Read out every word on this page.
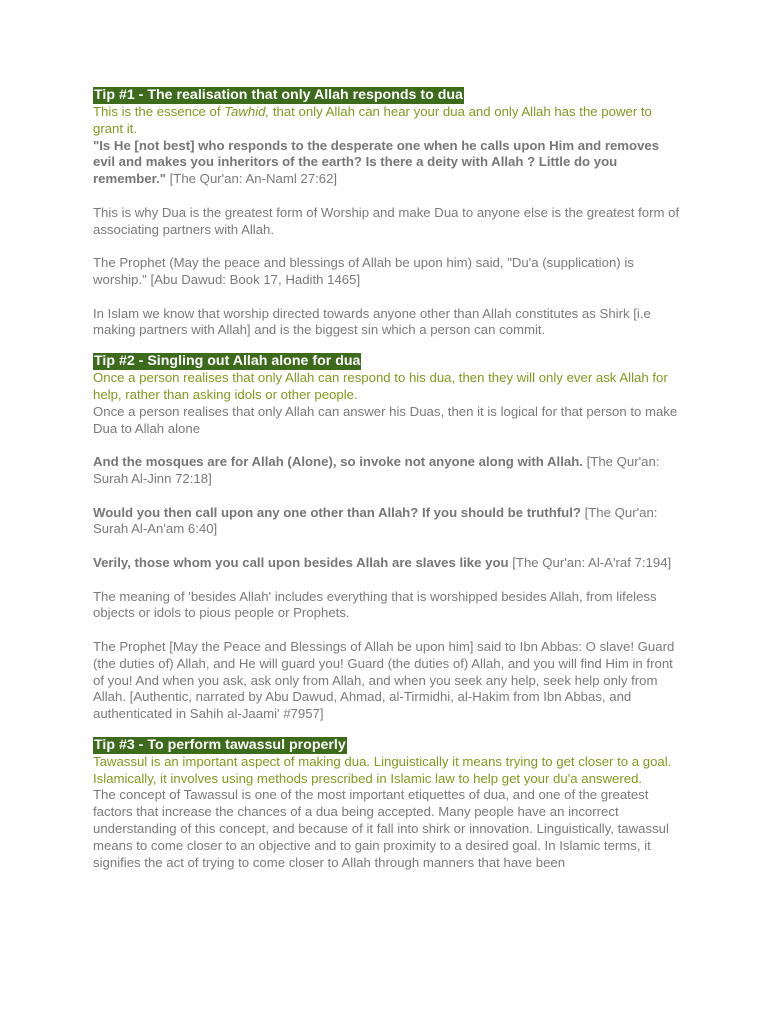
Tip #1 - The realisation that only Allah responds to dua

This is the essence of Tawhid, that only Allah can hear your dua and only Allah has the power to grant it.

"Is He [not best] who responds to the desperate one when he calls upon Him and removes evil and makes you inheritors of the earth? Is there a deity with Allah ? Little do you remember." [The Qur'an: An-Naml 27:62]

This is why Dua is the greatest form of Worship and make Dua to anyone else is the greatest form of associating partners with Allah.

The Prophet (May the peace and blessings of Allah be upon him) said, "Du'a (supplication) is worship." [Abu Dawud: Book 17, Hadith 1465]

In Islam we know that worship directed towards anyone other than Allah constitutes as Shirk [i.e making partners with Allah] and is the biggest sin which a person can commit.

Tip #2 - Singling out Allah alone for dua

Once a person realises that only Allah can respond to his dua, then they will only ever ask Allah for help, rather than asking idols or other people.

Once a person realises that only Allah can answer his Duas, then it is logical for that person to make Dua to Allah alone

And the mosques are for Allah (Alone), so invoke not anyone along with Allah. [The Qur'an: Surah Al-Jinn 72:18]

Would you then call upon any one other than Allah? If you should be truthful? [The Qur'an: Surah Al-An'am 6:40]

Verily, those whom you call upon besides Allah are slaves like you [The Qur'an: Al-A'raf 7:194]

The meaning of 'besides Allah' includes everything that is worshipped besides Allah, from lifeless objects or idols to pious people or Prophets.

The Prophet [May the Peace and Blessings of Allah be upon him] said to Ibn Abbas: O slave! Guard (the duties of) Allah, and He will guard you! Guard (the duties of) Allah, and you will find Him in front of you! And when you ask, ask only from Allah, and when you seek any help, seek help only from Allah. [Authentic, narrated by Abu Dawud, Ahmad, al-Tirmidhi, al-Hakim from Ibn Abbas, and authenticated in Sahih al-Jaami' #7957]

Tip #3 - To perform tawassul properly

Tawassul is an important aspect of making dua. Linguistically it means trying to get closer to a goal. Islamically, it involves using methods prescribed in Islamic law to help get your du'a answered.

The concept of Tawassul is one of the most important etiquettes of dua, and one of the greatest factors that increase the chances of a dua being accepted. Many people have an incorrect understanding of this concept, and because of it fall into shirk or innovation. Linguistically, tawassul means to come closer to an objective and to gain proximity to a desired goal. In Islamic terms, it signifies the act of trying to come closer to Allah through manners that have been
